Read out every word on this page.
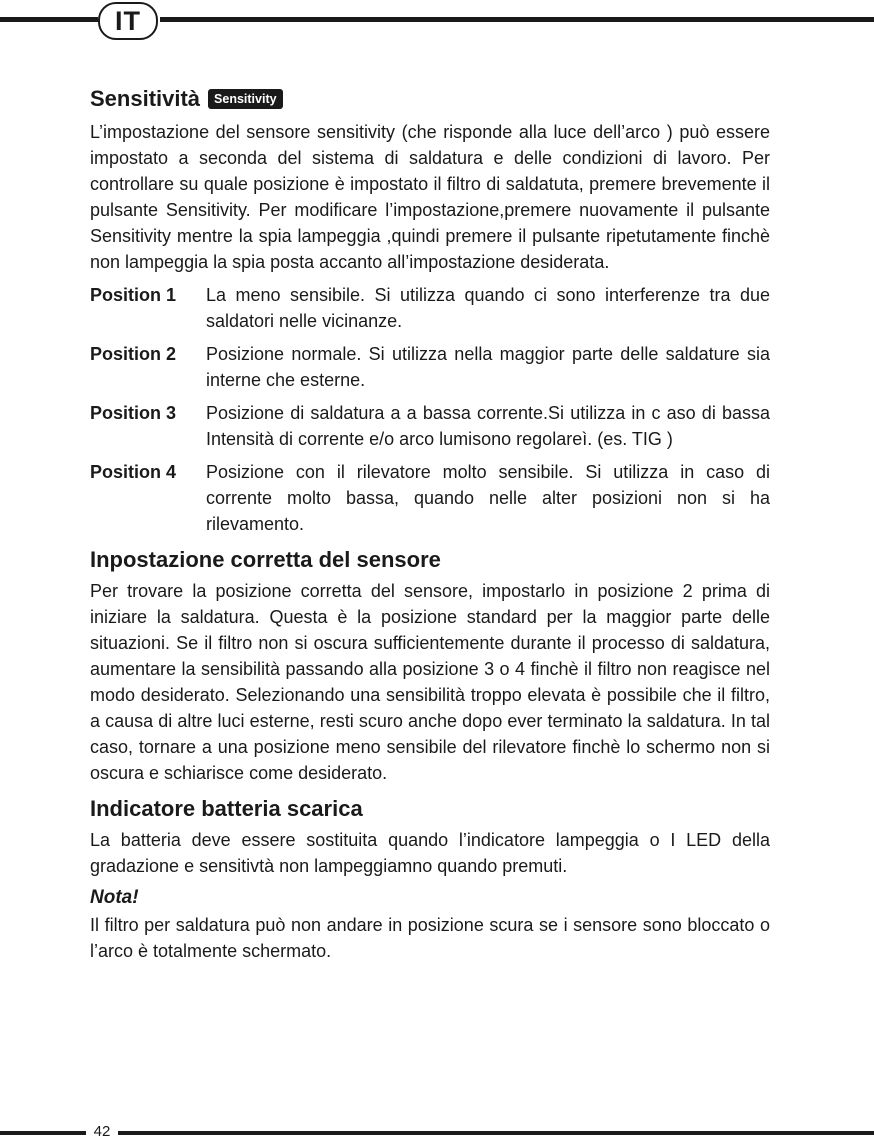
IT
Sensitività	Sensitivity

L’impostazione del sensore sensitivity (che risponde alla luce dell’arco ) può essere impostato a seconda del sistema di saldatura e delle condizioni di lavoro. Per controllare su quale posizione è impostato il filtro di saldatuta, premere brevemente il pulsante Sensitivity. Per modificare l’impostazione,premere nuovamente il pulsante Sensitivity mentre la spia lampeggia ,quindi premere il pulsante ripetutamente finchè non lampeggia la spia posta accanto all’impostazione desiderata.

Position 1	La meno sensibile. Si utilizza quando ci sono interferenze tra due saldatori nelle vicinanze.
Position 2	Posizione normale. Si utilizza nella maggior parte delle saldature sia interne che esterne.
Position 3	Posizione di saldatura a a bassa corrente.Si utilizza in c aso di bassa Intensità di corrente e/o arco lumisono regolareì. (es. TIG )
Position 4	Posizione con il rilevatore molto sensibile. Si utilizza in caso di corrente molto bassa, quando nelle alter posizioni non si ha rilevamento.
Inpostazione corretta del sensore

Per trovare la posizione corretta del sensore, impostarlo in posizione 2 prima di iniziare la saldatura. Questa è la posizione standard per la maggior parte delle situazioni. Se il filtro non si oscura sufficientemente durante il processo di saldatura, aumentare la sensibilità passando alla posizione 3 o 4 finchè il filtro non reagisce nel modo desiderato. Selezionando una sensibilità troppo elevata è possibile che il filtro, a causa di altre luci esterne, resti scuro anche dopo ever terminato la saldatura. In tal caso, tornare a una posizione meno sensibile del rilevatore finchè lo schermo non si oscura e schiarisce come desiderato.

Indicatore batteria scarica

La batteria deve essere sostituita quando l’indicatore lampeggia o I LED della gradazione e sensitivtà non lampeggiamno quando premuti.

Nota!

Il filtro per saldatura può non andare in posizione scura se i sensore sono bloccato o l’arco è totalmente schermato.

42
